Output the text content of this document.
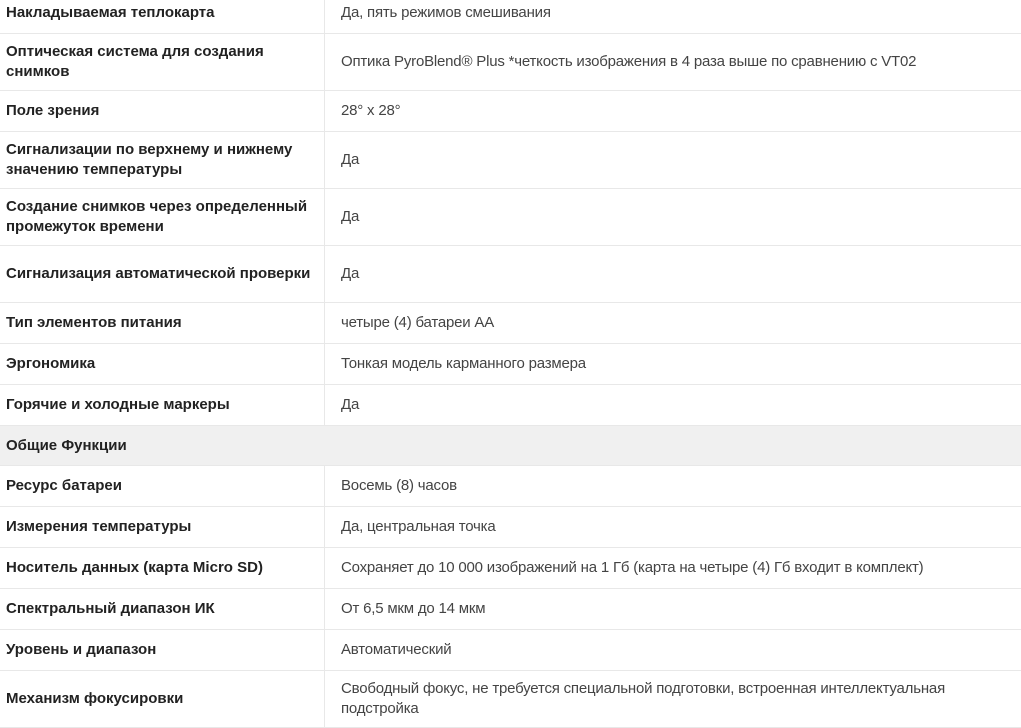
Накладываемая теплокарта	Да, пять режимов смешивания
Оптическая система для создания снимков	Оптика PyroBlend® Plus *четкость изображения в 4 раза выше по сравнению с VT02
Поле зрения	28° x 28°
Сигнализации по верхнему и нижнему значению температуры	Да
Создание снимков через определенный промежуток времени	Да
Сигнализация автоматической проверки	Да
Тип элементов питания	четыре (4) батареи AA
Эргономика	Тонкая модель карманного размера
Горячие и холодные маркеры	Да
Общие Функции	
Ресурс батареи	Восемь (8) часов
Измерения температуры	Да, центральная точка
Носитель данных (карта Micro SD)	Сохраняет до 10 000 изображений на 1 Гб (карта на четыре (4) Гб входит в комплект)
Спектральный диапазон ИК	От 6,5 мкм до 14 мкм
Уровень и диапазон	Автоматический
Механизм фокусировки	Свободный фокус, не требуется специальной подготовки, встроенная интеллектуальная подстройка
